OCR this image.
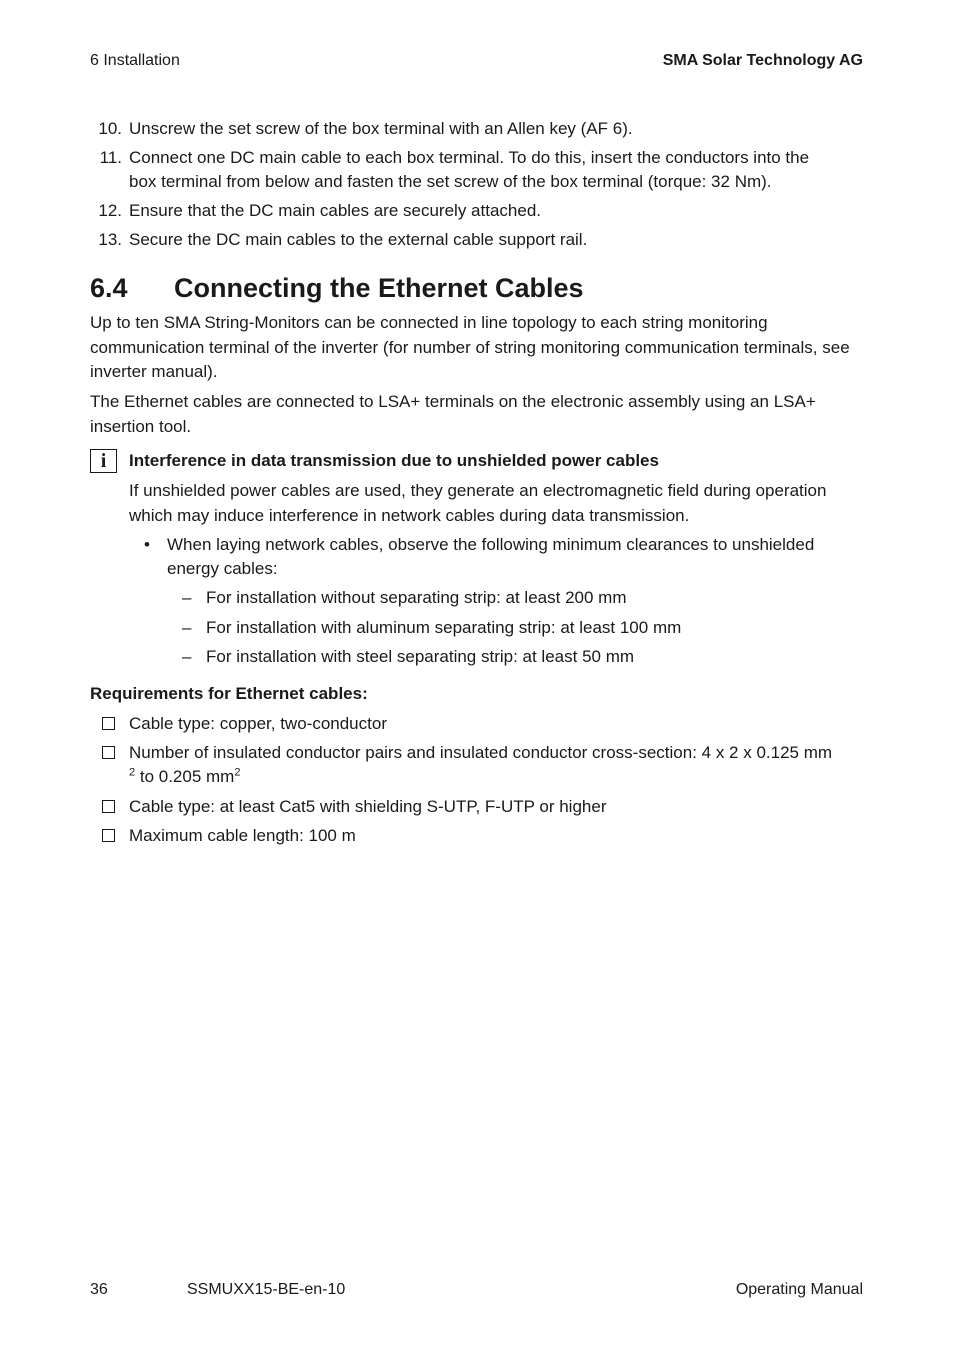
6 Installation	SMA Solar Technology AG
10. Unscrew the set screw of the box terminal with an Allen key (AF 6).
11. Connect one DC main cable to each box terminal. To do this, insert the conductors into the box terminal from below and fasten the set screw of the box terminal (torque: 32 Nm).
12. Ensure that the DC main cables are securely attached.
13. Secure the DC main cables to the external cable support rail.
6.4 Connecting the Ethernet Cables
Up to ten SMA String-Monitors can be connected in line topology to each string monitoring communication terminal of the inverter (for number of string monitoring communication terminals, see inverter manual).
The Ethernet cables are connected to LSA+ terminals on the electronic assembly using an LSA+ insertion tool.
i	Interference in data transmission due to unshielded power cables
If unshielded power cables are used, they generate an electromagnetic field during operation which may induce interference in network cables during data transmission.
• When laying network cables, observe the following minimum clearances to unshielded energy cables:
– For installation without separating strip: at least 200 mm
– For installation with aluminum separating strip: at least 100 mm
– For installation with steel separating strip: at least 50 mm
Requirements for Ethernet cables:
Cable type: copper, two-conductor
Number of insulated conductor pairs and insulated conductor cross-section: 4 x 2 x 0.125 mm
$^2$ to 0.205 $mm^2$
Cable type: at least Cat5 with shielding S-UTP, F-UTP or higher
Maximum cable length: 100 m
36	SSMUXX15-BE-en-10	Operating Manual
